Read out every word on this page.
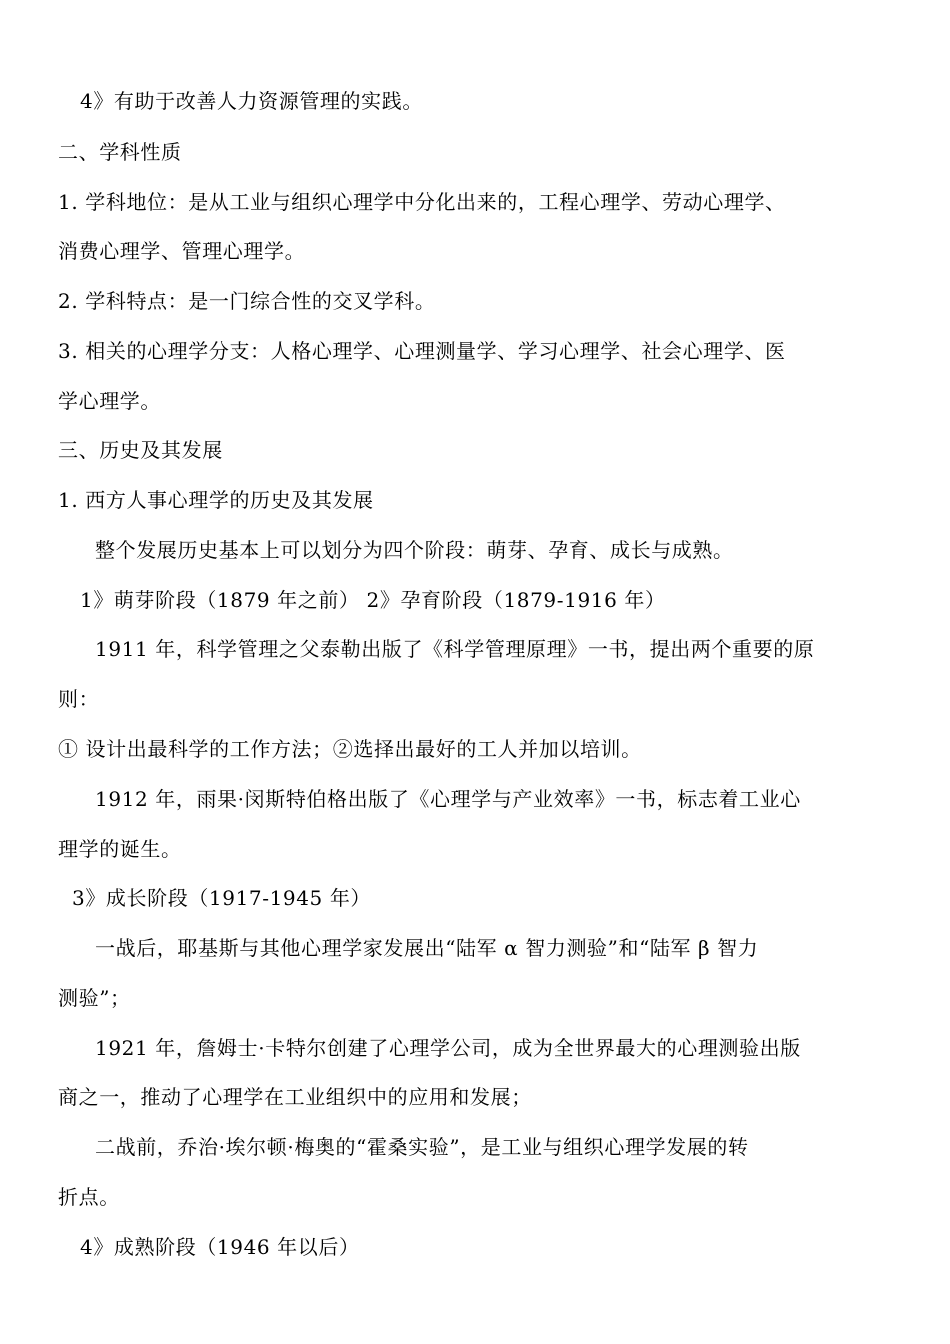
4》有助于改善人力资源管理的实践。
二、学科性质
1. 学科地位：是从工业与组织心理学中分化出来的，工程心理学、劳动心理学、
消费心理学、管理心理学。
2. 学科特点：是一门综合性的交叉学科。
3. 相关的心理学分支：人格心理学、心理测量学、学习心理学、社会心理学、医
学心理学。
三、历史及其发展
1. 西方人事心理学的历史及其发展
整个发展历史基本上可以划分为四个阶段：萌芽、孕育、成长与成熟。
1》萌芽阶段（1879 年之前） 2》孕育阶段（1879-1916 年）
1911 年，科学管理之父泰勒出版了《科学管理原理》一书，提出两个重要的原
则：
① 设计出最科学的工作方法；②选择出最好的工人并加以培训。
1912 年，雨果·闵斯特伯格出版了《心理学与产业效率》一书，标志着工业心
理学的诞生。
3》成长阶段（1917-1945 年）
一战后，耶基斯与其他心理学家发展出“陆军 α 智力测验”和“陆军 β 智力
测验”；
1921 年，詹姆士·卡特尔创建了心理学公司，成为全世界最大的心理测验出版
商之一，推动了心理学在工业组织中的应用和发展；
二战前，乔治·埃尔顿·梅奥的“霍桑实验”，是工业与组织心理学发展的转
折点。
4》成熟阶段（1946 年以后）
